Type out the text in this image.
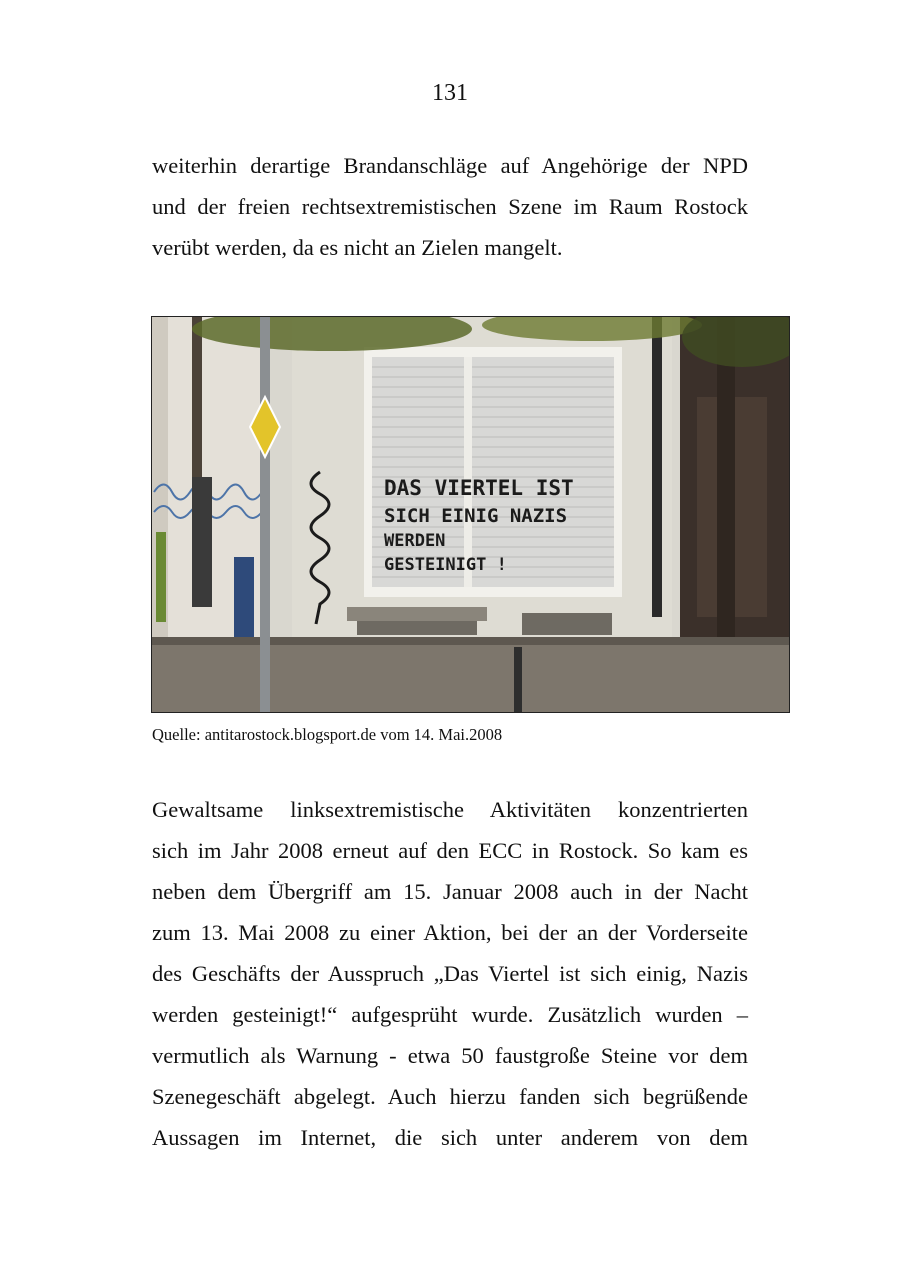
131
weiterhin derartige Brandanschläge auf Angehörige der NPD
und der freien rechtsextremistischen Szene im Raum Rostock
verübt werden, da es nicht an Zielen mangelt.
DAS VIERTEL IST
SICH EINIG NAZIS
WERDEN
GESTEINIGT !
Quelle: antitarostock.blogsport.de vom 14. Mai.2008
Gewaltsame linksextremistische Aktivitäten konzentrierten
sich im Jahr 2008 erneut auf den ECC in Rostock. So kam es
neben dem Übergriff am 15. Januar 2008 auch in der Nacht
zum 13. Mai 2008 zu einer Aktion, bei der an der Vorderseite
des Geschäfts der Ausspruch „Das Viertel ist sich einig, Nazis
werden gesteinigt!“ aufgesprüht wurde. Zusätzlich wurden –
vermutlich als Warnung - etwa 50 faustgroße Steine vor dem
Szenegeschäft abgelegt. Auch hierzu fanden sich begrüßende
Aussagen im Internet, die sich unter anderem von dem
